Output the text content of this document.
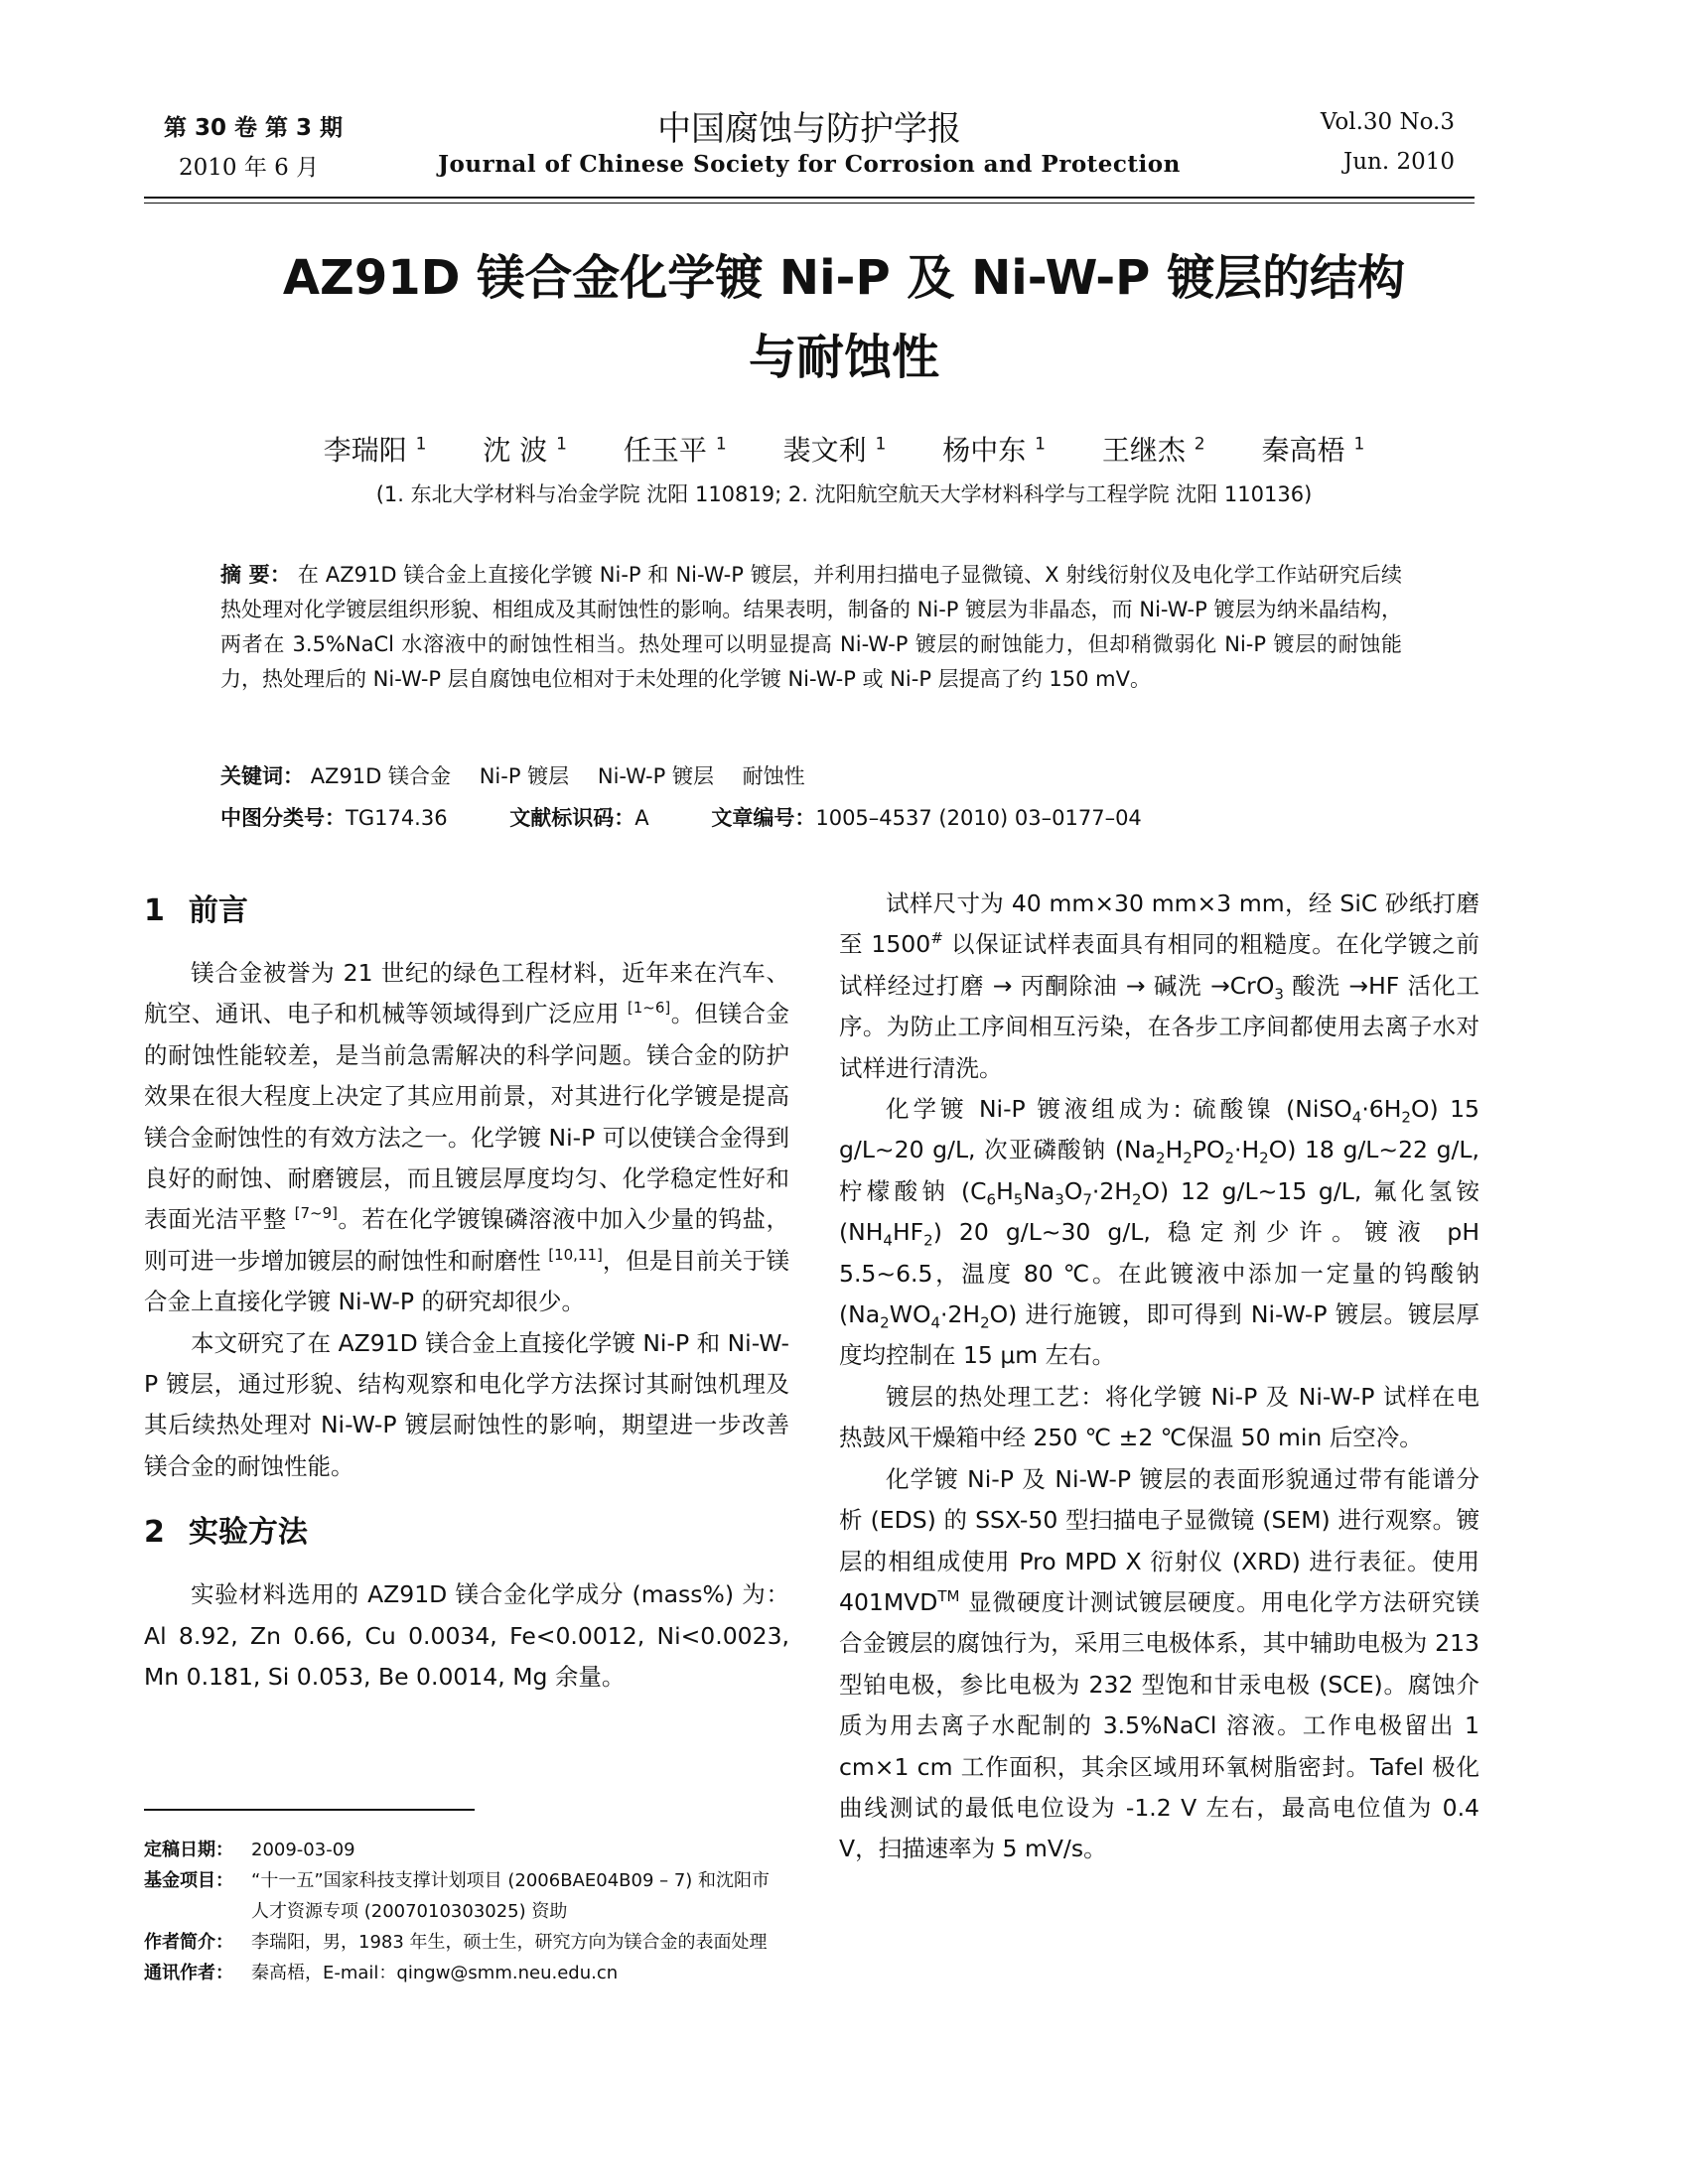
第 30 卷 第 3 期
2010 年 6 月
中国腐蚀与防护学报
Journal of Chinese Society for Corrosion and Protection
Vol.30 No.3
Jun. 2010
AZ91D 镁合金化学镀 Ni-P 及 Ni-W-P 镀层的结构
与耐蚀性
李瑞阳 $^1$ 沈 波 $^1$ 任玉平 $^1$ 裴文利 $^1$ 杨中东 $^1$ 王继杰 $^2$ 秦高梧 $^1$
(1. 东北大学材料与冶金学院 沈阳 110819; 2. 沈阳航空航天大学材料科学与工程学院 沈阳 110136)
摘 要： 在 AZ91D 镁合金上直接化学镀 Ni-P 和 Ni-W-P 镀层，并利用扫描电子显微镜、X 射线衍射仪及电化学工作站研究后续热处理对化学镀层组织形貌、相组成及其耐蚀性的影响。结果表明，制备的 Ni-P 镀层为非晶态，而 Ni-W-P 镀层为纳米晶结构，两者在 3.5%NaCl 水溶液中的耐蚀性相当。热处理可以明显提高 Ni-W-P 镀层的耐蚀能力，但却稍微弱化 Ni-P 镀层的耐蚀能力，热处理后的 Ni-W-P 层自腐蚀电位相对于未处理的化学镀 Ni-W-P 或 Ni-P 层提高了约 150 mV。
关键词： AZ91D 镁合金 Ni-P 镀层 Ni-W-P 镀层 耐蚀性
中图分类号：TG174.36	文献标识码：A	文章编号：1005–4537 (2010) 03–0177–04
1 前言

镁合金被誉为 21 世纪的绿色工程材料，近年来在汽车、航空、通讯、电子和机械等领域得到广泛应用 [1~6]。但镁合金的耐蚀性能较差，是当前急需解决的科学问题。镁合金的防护效果在很大程度上决定了其应用前景，对其进行化学镀是提高镁合金耐蚀性的有效方法之一。化学镀 Ni-P 可以使镁合金得到良好的耐蚀、耐磨镀层，而且镀层厚度均匀、化学稳定性好和表面光洁平整 [7~9]。若在化学镀镍磷溶液中加入少量的钨盐，则可进一步增加镀层的耐蚀性和耐磨性 [10,11]，但是目前关于镁合金上直接化学镀 Ni-W-P 的研究却很少。

本文研究了在 AZ91D 镁合金上直接化学镀 Ni-P 和 Ni-W-P 镀层，通过形貌、结构观察和电化学方法探讨其耐蚀机理及其后续热处理对 Ni-W-P 镀层耐蚀性的影响，期望进一步改善镁合金的耐蚀性能。

2 实验方法

实验材料选用的 AZ91D 镁合金化学成分 (mass%) 为：Al 8.92, Zn 0.66, Cu 0.0034, Fe<0.0012, Ni<0.0023, Mn 0.181, Si 0.053, Be 0.0014, Mg 余量。

试样尺寸为 40 mm×30 mm×3 mm，经 SiC 砂纸打磨至 1500# 以保证试样表面具有相同的粗糙度。在化学镀之前试样经过打磨 → 丙酮除油 → 碱洗 →CrO$_3$ 酸洗 →HF 活化工序。为防止工序间相互污染，在各步工序间都使用去离子水对试样进行清洗。

化学镀 Ni-P 镀液组成为: 硫酸镍 $(NiSO_4\cdot 6H_2O)$ 15 g/L~20 g/L, 次亚磷酸钠 $(Na_2H_2PO_2\cdot H_2O)$ 18 g/L~22 g/L, 柠檬酸钠 $(C_6H_5Na_3O_7\cdot 2H_2O)$ 12 g/L~15 g/L, 氟化氢铵 $(NH_4HF_2)$ 20 g/L~30 g/L, 稳定剂少许。镀液 pH 5.5~6.5，温度 80 ℃。在此镀液中添加一定量的钨酸钠 $(Na_2WO_4\cdot 2H_2O)$ 进行施镀，即可得到 Ni-W-P 镀层。镀层厚度均控制在 15 μm 左右。

镀层的热处理工艺：将化学镀 Ni-P 及 Ni-W-P 试样在电热鼓风干燥箱中经 250 ℃ ±2 ℃保温 50 min 后空冷。

化学镀 Ni-P 及 Ni-W-P 镀层的表面形貌通过带有能谱分析 (EDS) 的 SSX-50 型扫描电子显微镜 (SEM) 进行观察。镀层的相组成使用 Pro MPD X 衍射仪 (XRD) 进行表征。使用 401MVD™ 显微硬度计测试镀层硬度。用电化学方法研究镁合金镀层的腐蚀行为，采用三电极体系，其中辅助电极为 213 型铂电极，参比电极为 232 型饱和甘汞电极 (SCE)。腐蚀介质为用去离子水配制的 3.5%NaCl 溶液。工作电极留出 1 cm×1 cm 工作面积，其余区域用环氧树脂密封。Tafel 极化曲线测试的最低电位设为 -1.2 V 左右，最高电位值为 0.4 V，扫描速率为 5 mV/s。

定稿日期：	2009-03-09
基金项目：	“十一五”国家科技支撑计划项目 (2006BAE04B09 – 7) 和沈阳市人才资源专项 (2007010303025) 资助
作者简介：	李瑞阳，男，1983 年生，硕士生，研究方向为镁合金的表面处理
通讯作者：	秦高梧，E-mail：qingw@smm.neu.edu.cn
